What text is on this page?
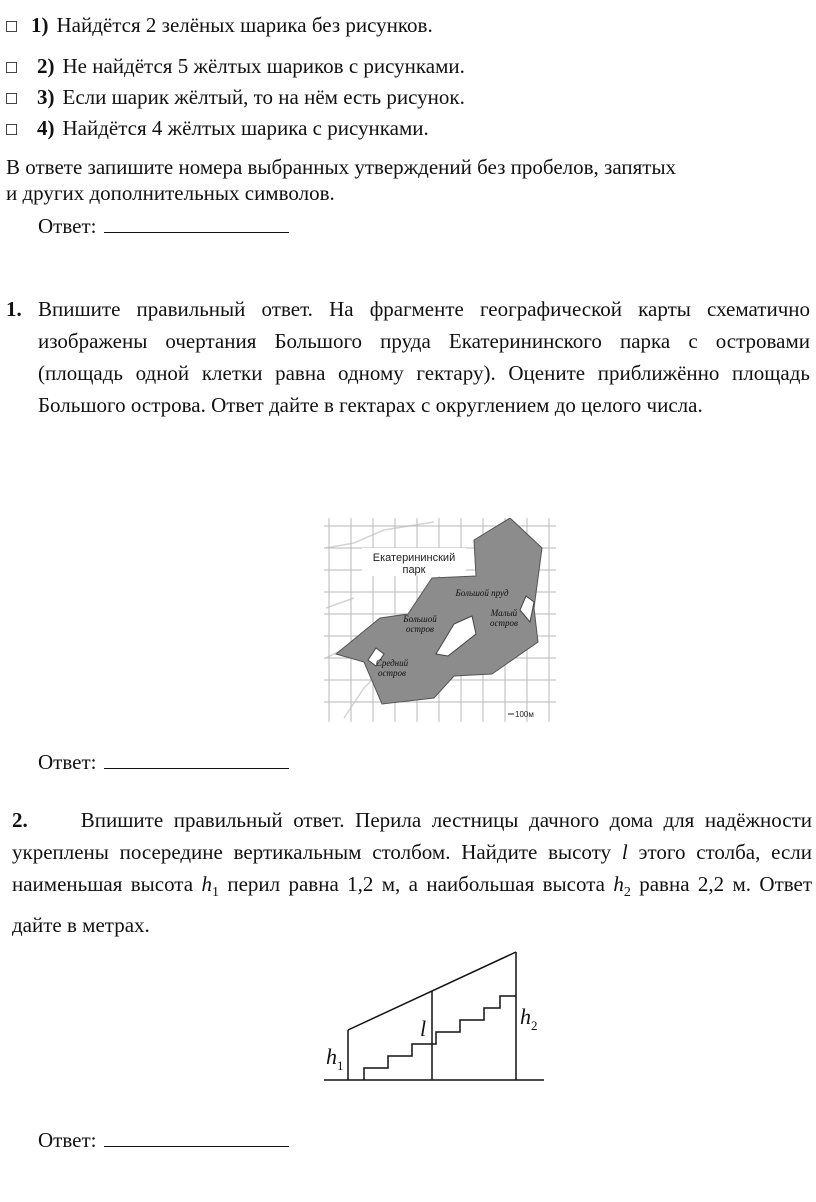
1) Найдётся 2 зелёных шарика без рисунков.
2) Не найдётся 5 жёлтых шариков с рисунками.
3) Если шарик жёлтый, то на нём есть рисунок.
4) Найдётся 4 жёлтых шарика с рисунками.
В ответе запишите номера выбранных утверждений без пробелов, запятых
и других дополнительных символов.
Ответ:
1. Впишите правильный ответ. На фрагменте географической карты схематично изображены очертания Большого пруда Екатерининского парка с островами (площадь одной клетки равна одному гектару). Оцените приближённо площадь Большого острова. Ответ дайте в гектарах с округлением до целого числа.
Екатерининский
парк
Большой пруд
Малый
остров
Большой
остров
Средний
остров
100м
Ответ:
2.	Впишите правильный ответ. Перила лестницы дачного дома для надёжности укреплены посередине вертикальным столбом. Найдите высоту l этого столба, если наименьшая высота $h_1$ перил равна 1,2 м, а наибольшая высота $h_2$ равна 2,2 м. Ответ дайте в метрах.
l
$h_1$
$h_2$
Ответ:
